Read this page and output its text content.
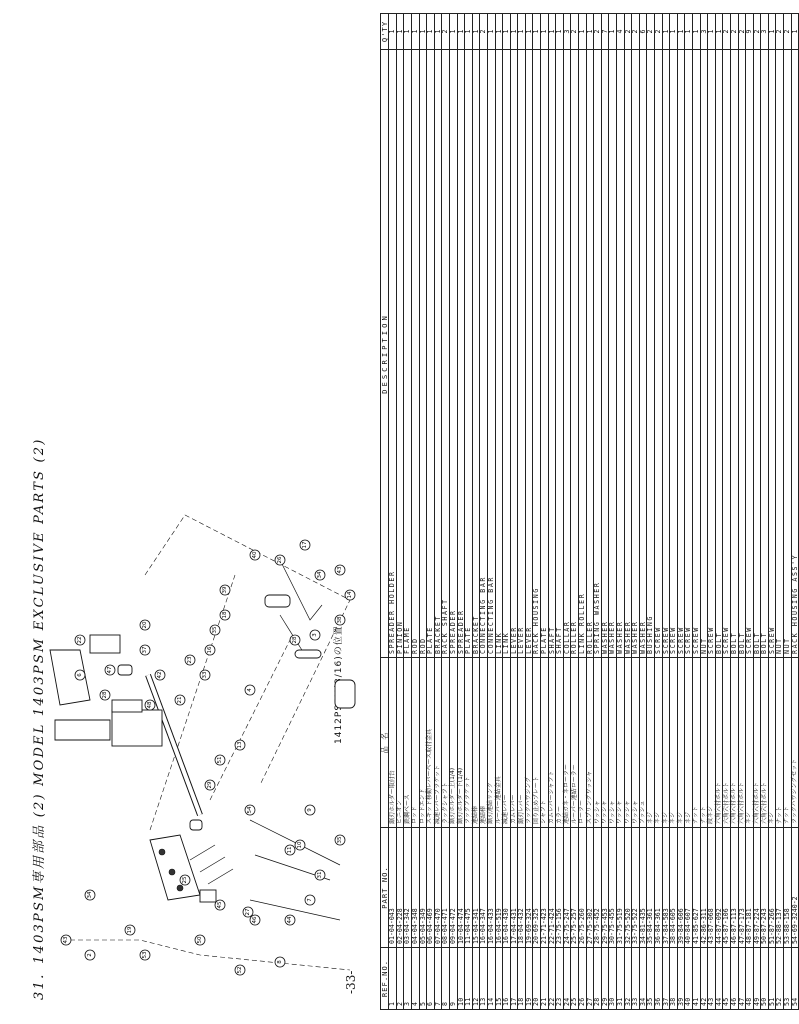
REF.NO.	PART NO.	品 名	DESCRIPTION	Q'TY
1	01-04-043	鋸刃ホルダー取付台	SPREADER HOLDER	1
2	02-04-228	ピニオン	PINION	1
3	03-04-342	鉄鋼ベース	FLAME	1
4	04-04-348	ロッド	ROD	1
5	05-04-349	ロッドエンド	ROD	1
6	06-04-469	スキッド移動レバーベース取付金具	PLATE	1
7	07-04-470	減速レバーブラケット	BRACKET	1
8	08-04-471	ラックシャフト	RACK SHAFT	2
9	09-04-472	鋸刃ホルダー上(1/4)	SPREADER	1
10	10-04-474	鋸刃ホルダー下(1/4)	SPREADER	1
11	11-04-475	ラックブラケット	PLATE	1
12	15-04-341	連結棒	BRACKET	1
13	16-04-347	連結棒	CONNECTING BAR	2
14	16-04-433	鋸刃連結リンク	CONNECTING BAR	1
15	16-04-519	ルーパー連結金具	LINK	1
16	16-04-430	減速レバー	LINK	1
17	17-04-431	カムレバー	LEVER	1
18	18-04-432	鋸刃レバー	LEVER	1
19	19-69-324	ラックハウジング	LEVER	1
20	20-69-325	回り止めプレート	RACK HOUSING	1
21	21-71-423	シャフト	PLATE	1
22	22-71-424	カムレバーシャフト	SHAFT	1
23	23-75-156	カラー	SHAFT	1
24	24-75-247	連結ガネ・ネローラー	COLLAR	3
25	25-75-257	ルーパー連結ローラー	ROLLER	2
26	26-75-260	ローラー	LINK ROLLER	1
27	27-75-302	スプリングワッシャ	ROLLER	1
28	28-75-452	ワッシャ	SPRING WASHER	2
29	29-75-453	ワッシャ	WASHER	7
30	30-75-455	ワッシャ	WASHER	1
31	31-75-519	ワッシャ	WASHER	4
32	32-75-520	ワッシャ	WASHER	2
33	33-75-522	ワッシャ	WASHER	2
34	34-81-435	ブッシュ	WASHER	6
35	35-84-361	ネジ	BUSHING	2
36	36-84-361	ネジ	SCREW	2
37	37-84-583	ネジ	SCREW	1
38	38-84-605	ネジ	SCREW	1
39	39-84-606	ネジ	SCREW	1
40	40-84-607	ネジ	SCREW	1
41	41-85-627	ナット	SCREW	1
42	42-86-311	ナット	NUT	3
43	43-87-068	段ネジ	SCREW	1
44	44-87-092	六角穴付ボルト	BOLT	1
45	45-87-106	六角穴付ボルト	SCREW	2
46	46-87-113	六角穴付ボルト	BOLT	2
47	47-87-173	六角穴付ボルト	BOLT	2
48	48-87-181	ネジ	SCREW	9
49	49-87-224	六角穴付ボルト	BOLT	2
50	50-87-243	六角穴付ボルト	BOLT	3
51	51-87-266	ネジ	SCREW	1
52	52-88-137	ナット	NUT	2
53	53-88-158	ナット	NUT	2
54	54-69-3240-2	ラックハウジングセット	RACK HOUSING ASS'Y	1
31．1403PSM専用部品 (2) MODEL 1403PSM EXCLUSIVE PARTS (2)	-33-
43
2
34
19
53
50
46
27
45
52
8
44
7
31
10
35
11
9
54
13
21
48
42
37
23
33
16
35
18
39
40
26
17
34
43
14
38
3
28
4
51
29
28
47
6
22
25
20
